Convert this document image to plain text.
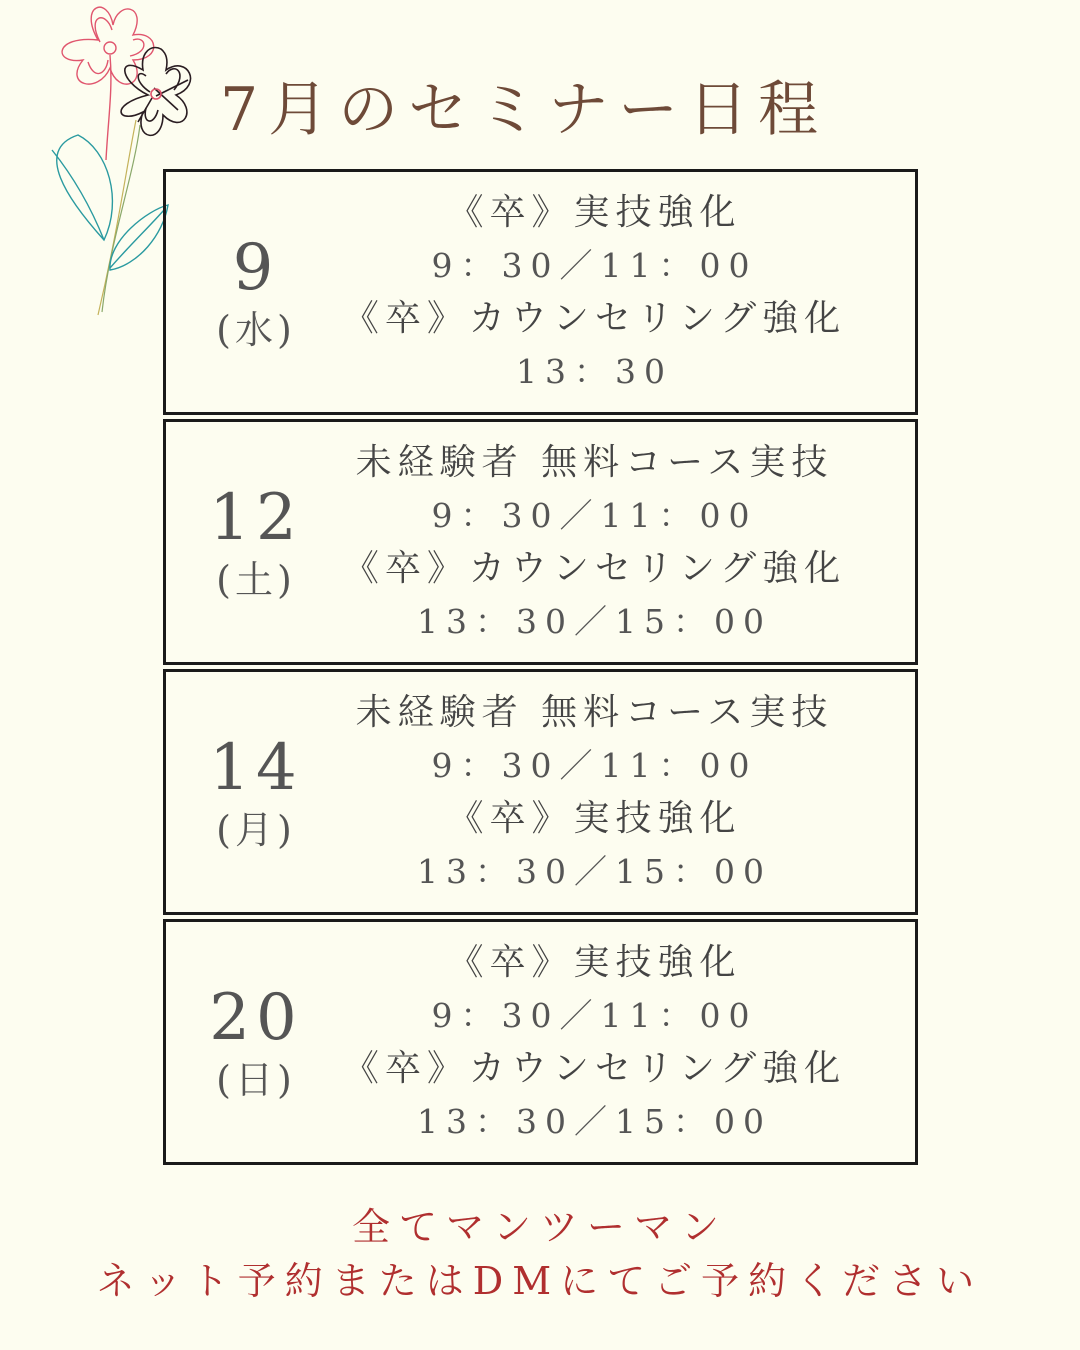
7月のセミナー日程
9
(水)
《卒》実技強化
9：30／11：00
《卒》カウンセリング強化
13：30
12
(土)
未経験者 無料コース実技
9：30／11：00
《卒》カウンセリング強化
13：30／15：00
14
(月)
未経験者 無料コース実技
9：30／11：00
《卒》実技強化
13：30／15：00
20
(日)
《卒》実技強化
9：30／11：00
《卒》カウンセリング強化
13：30／15：00
全てマンツーマン
ネット予約またはDMにてご予約ください
